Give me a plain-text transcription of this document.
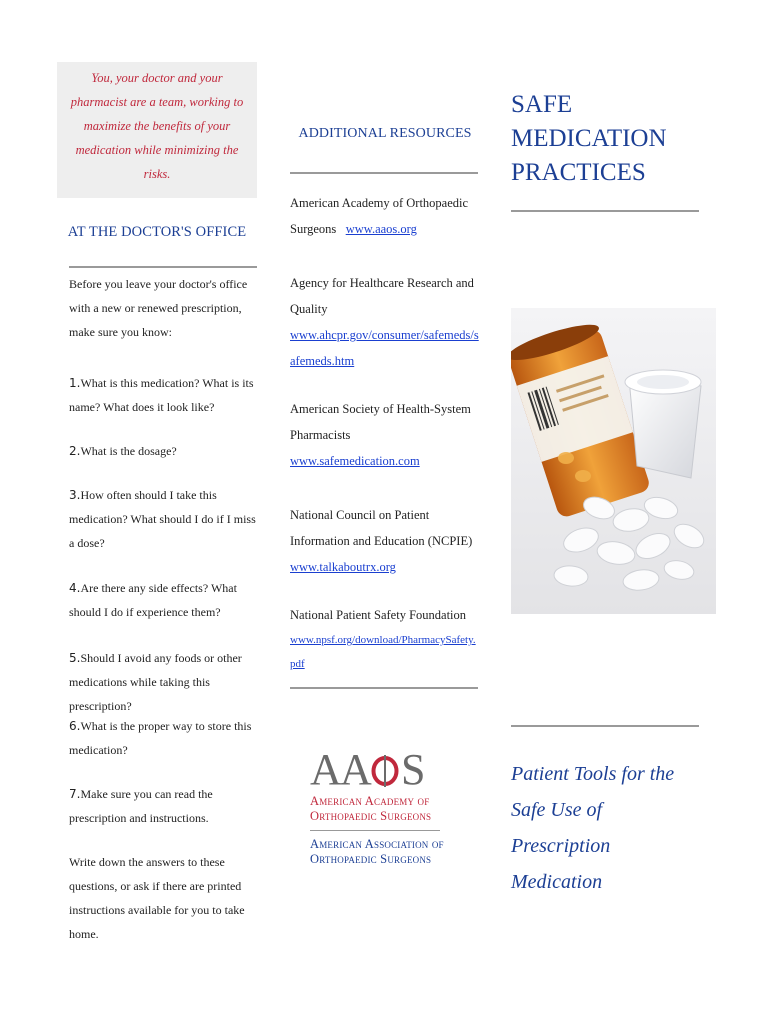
You, your doctor and your pharmacist are a team, working to maximize the benefits of your medication while minimizing the risks.
AT THE DOCTOR'S OFFICE
Before you leave your doctor's office with a new or renewed prescription, make sure you know:
1.What is this medication? What is its name? What does it look like?
2.What is the dosage?
3.How often should I take this medication? What should I do if I miss a dose?
4.Are there any side effects? What should I do if experience them?
5.Should I avoid any foods or other medications while taking this prescription?
6.What is the proper way to store this medication?
7.Make sure you can read the prescription and instructions.
Write down the answers to these questions, or ask if there are printed instructions available for you to take home.
ADDITIONAL RESOURCES
American Academy of Orthopaedic Surgeons www.aaos.org
Agency for Healthcare Research and Quality
www.ahcpr.gov/consumer/safemeds/safemeds.htm
American Society of Health-System Pharmacists
www.safemedication.com
National Council on Patient Information and Education (NCPIE)
www.talkaboutrx.org
National Patient Safety Foundation
www.npsf.org/download/PharmacySafety.pdf
A
A S
American Academy of
Orthopaedic Surgeons
American Association of
Orthopaedic Surgeons
SAFE MEDICATION PRACTICES
Patient Tools for the Safe Use of Prescription Medication
